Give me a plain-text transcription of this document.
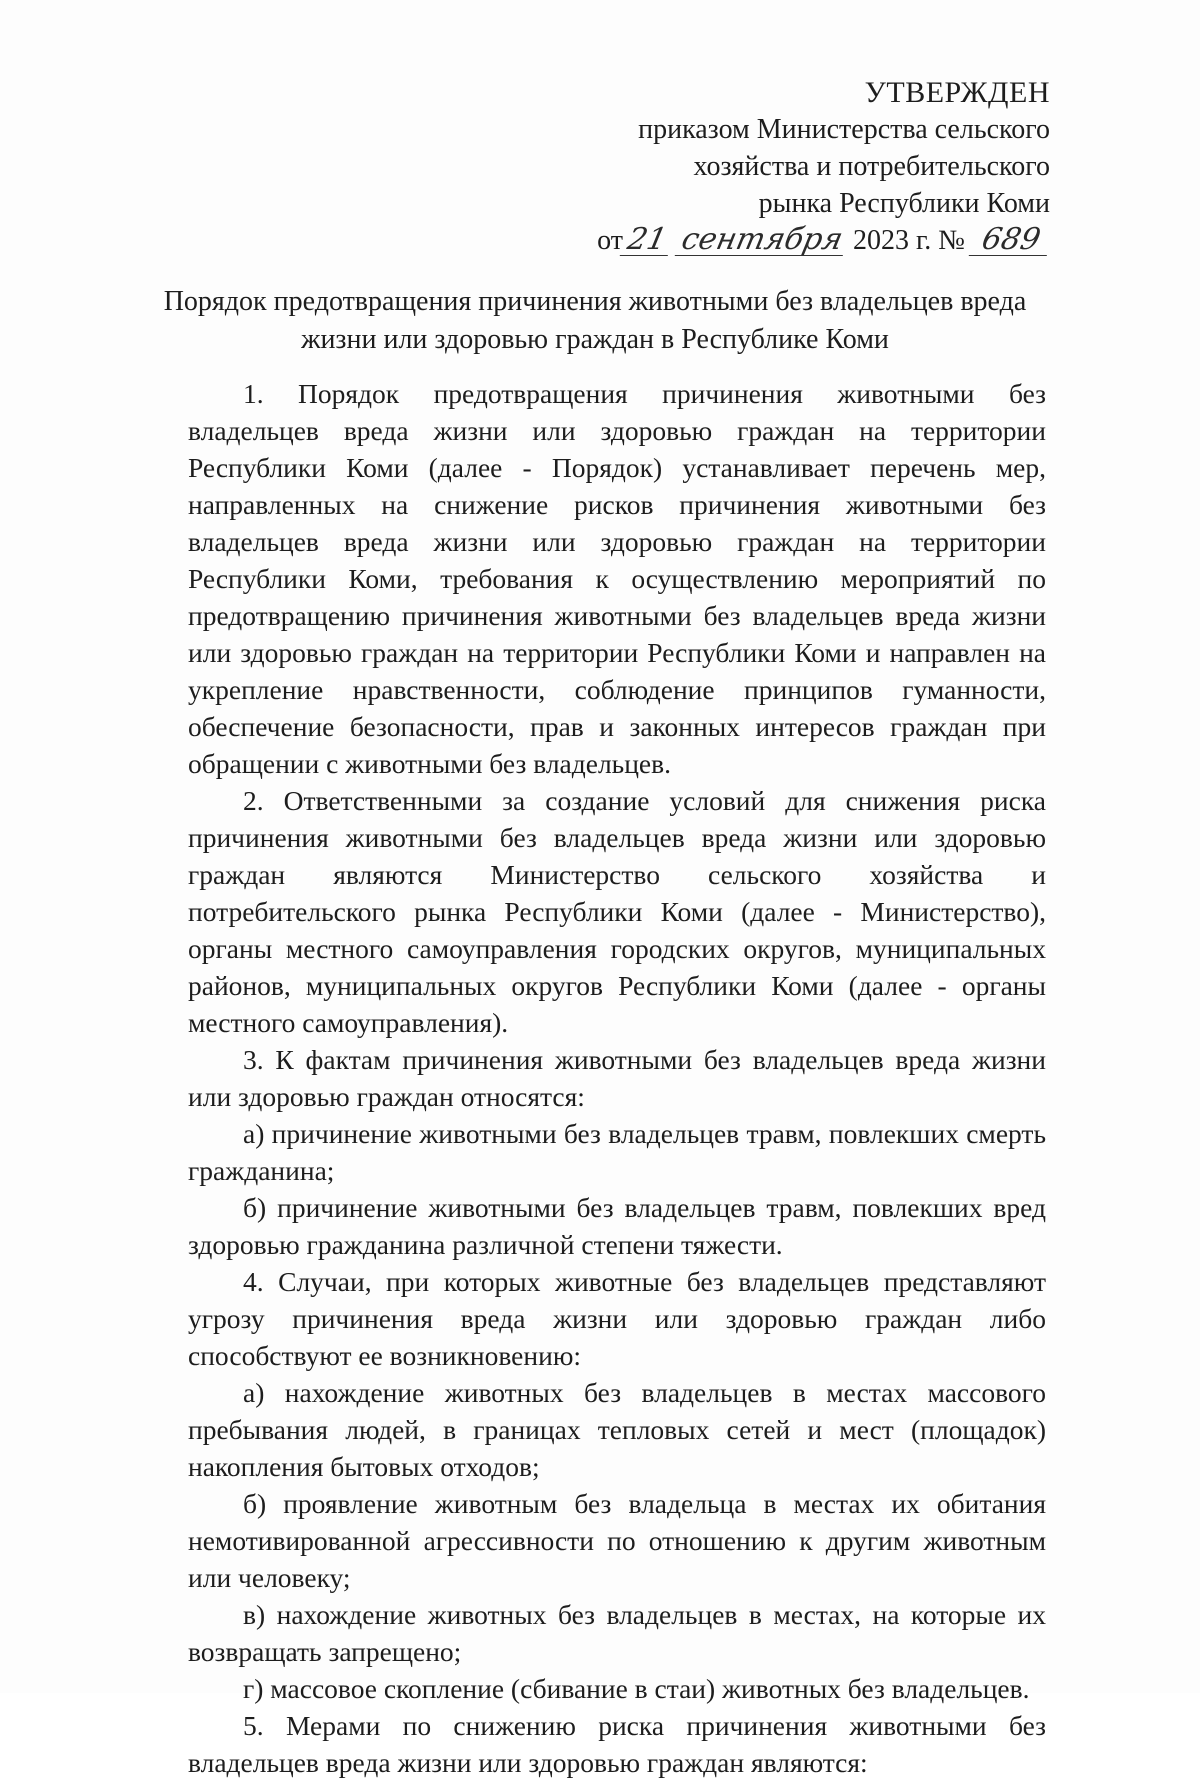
УТВЕРЖДЕН
приказом Министерства сельского
хозяйства и потребительского
рынка Республики Коми
от21 сентября 2023 г. № 689
Порядок предотвращения причинения животными без владельцев вреда
жизни или здоровью граждан в Республике Коми

1. Порядок предотвращения причинения животными без владельцев вреда жизни или здоровью граждан на территории Республики Коми (далее - Порядок) устанавливает перечень мер, направленных на снижение рисков причинения животными без владельцев вреда жизни или здоровью граждан на территории Республики Коми, требования к осуществлению мероприятий по предотвращению причинения животными без владельцев вреда жизни или здоровью граждан на территории Республики Коми и направлен на укрепление нравственности, соблюдение принципов гуманности, обеспечение безопасности, прав и законных интересов граждан при обращении с животными без владельцев.

2. Ответственными за создание условий для снижения риска причинения животными без владельцев вреда жизни или здоровью граждан являются Министерство сельского хозяйства и потребительского рынка Республики Коми (далее - Министерство), органы местного самоуправления городских округов, муниципальных районов, муниципальных округов Республики Коми (далее - органы местного самоуправления).

3. К фактам причинения животными без владельцев вреда жизни или здоровью граждан относятся:

а) причинение животными без владельцев травм, повлекших смерть гражданина;

б) причинение животными без владельцев травм, повлекших вред здоровью гражданина различной степени тяжести.

4. Случаи, при которых животные без владельцев представляют угрозу причинения вреда жизни или здоровью граждан либо способствуют ее возникновению:

а) нахождение животных без владельцев в местах массового пребывания людей, в границах тепловых сетей и мест (площадок) накопления бытовых отходов;

б) проявление животным без владельца в местах их обитания немотивированной агрессивности по отношению к другим животным или человеку;

в) нахождение животных без владельцев в местах, на которые их возвращать запрещено;

г) массовое скопление (сбивание в стаи) животных без владельцев.

5. Мерами по снижению риска причинения животными без владельцев вреда жизни или здоровью граждан являются:
